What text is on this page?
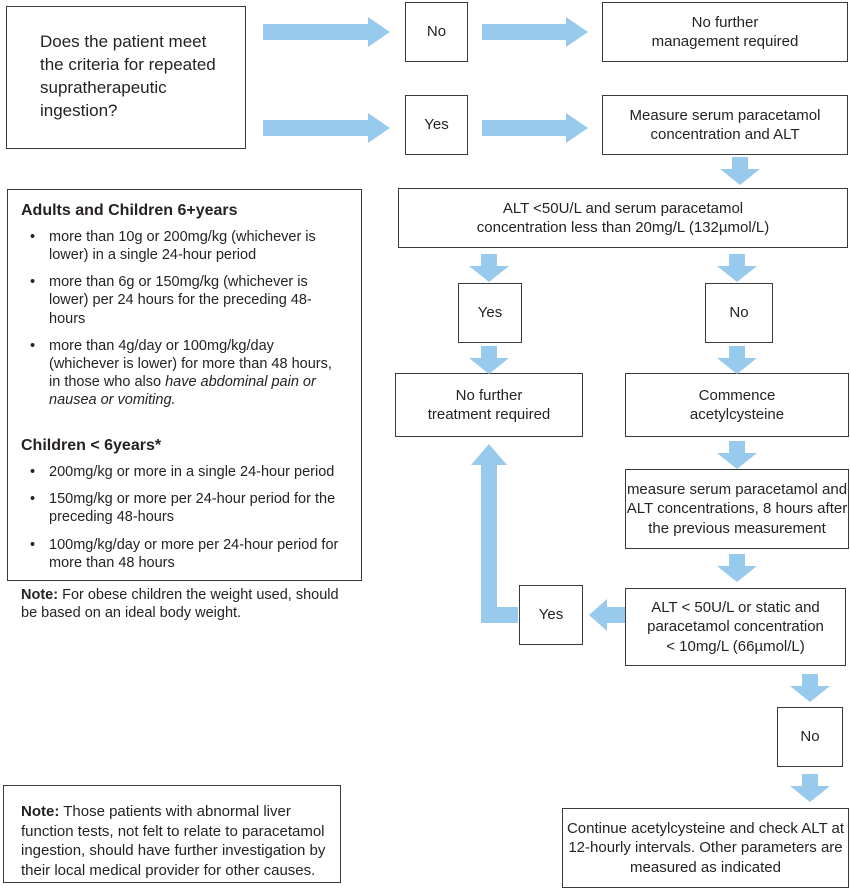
Does the patient meet the criteria for repeated supratherapeutic ingestion?
No
Yes
No further
management required
Measure serum paracetamol
concentration and ALT
ALT <50U/L and serum paracetamol
concentration less than 20mg/L (132µmol/L)
Yes	No
No further
treatment required
Commence
acetylcysteine
measure serum paracetamol and
ALT concentrations, 8 hours after
the previous measurement
ALT < 50U/L or static and
paracetamol concentration
< 10mg/L (66µmol/L)
Yes
No
Continue acetylcysteine and check ALT at
12-hourly intervals. Other parameters are
measured as indicated
Adults and Children 6+years
• more than 10g or 200mg/kg (whichever is lower) in a single 24-hour period
• more than 6g or 150mg/kg (whichever is lower) per 24 hours for the preceding 48-hours
• more than 4g/day or 100mg/kg/day (whichever is lower) for more than 48 hours, in those who also have abdominal pain or nausea or vomiting.
Children < 6years*
• 200mg/kg or more in a single 24-hour period
• 150mg/kg or more per 24-hour period for the preceding 48-hours
• 100mg/kg/day or more per 24-hour period for more than 48 hours
Note: For obese children the weight used, should be based on an ideal body weight.
Note: Those patients with abnormal liver function tests, not felt to relate to paracetamol ingestion, should have further investigation by their local medical provider for other causes.
